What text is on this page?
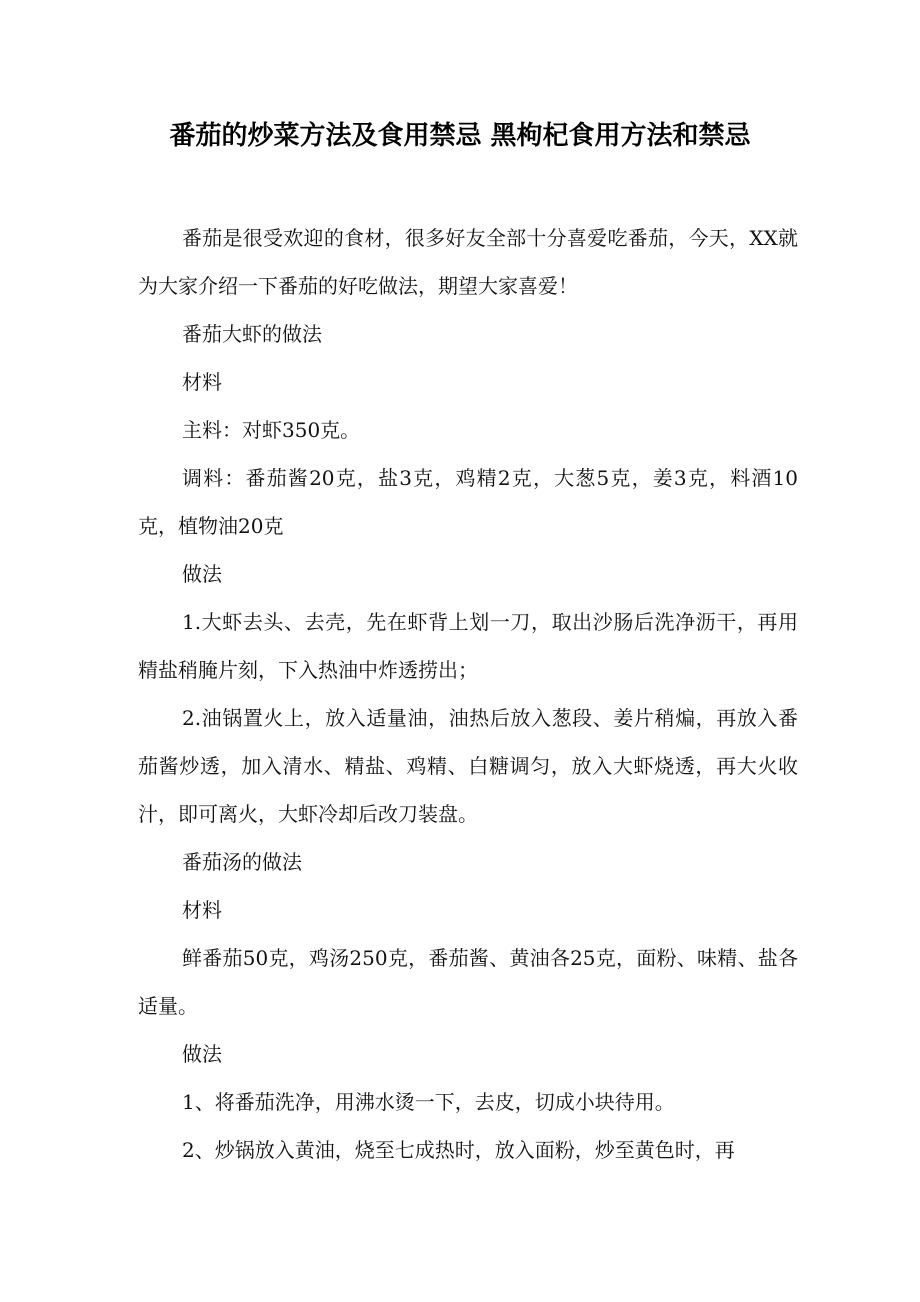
番茄的炒菜方法及食用禁忌 黑枸杞食用方法和禁忌

番茄是很受欢迎的食材，很多好友全部十分喜爱吃番茄，今天，XX就为大家介绍一下番茄的好吃做法，期望大家喜爱！

番茄大虾的做法

材料

主料：对虾350克。

调料：番茄酱20克，盐3克，鸡精2克，大葱5克，姜3克，料酒10克，植物油20克

做法

1.大虾去头、去壳，先在虾背上划一刀，取出沙肠后洗净沥干，再用精盐稍腌片刻，下入热油中炸透捞出；

2.油锅置火上，放入适量油，油热后放入葱段、姜片稍煸，再放入番茄酱炒透，加入清水、精盐、鸡精、白糖调匀，放入大虾烧透，再大火收汁，即可离火，大虾冷却后改刀装盘。

番茄汤的做法

材料

鲜番茄50克，鸡汤250克，番茄酱、黄油各25克，面粉、味精、盐各适量。

做法

1、将番茄洗净，用沸水烫一下，去皮，切成小块待用。

2、炒锅放入黄油，烧至七成热时，放入面粉，炒至黄色时，再
